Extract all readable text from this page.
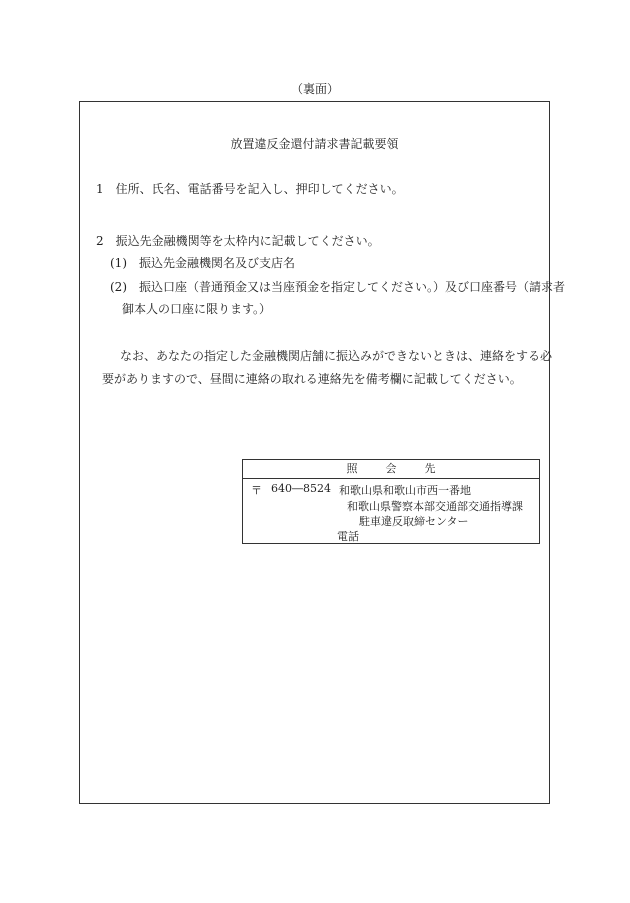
（裏面）
放置違反金還付請求書記載要領
1　住所、氏名、電話番号を記入し、押印してください。
2　振込先金融機関等を太枠内に記載してください。
(1)　振込先金融機関名及び支店名
(2)　振込口座（普通預金又は当座預金を指定してください。）及び口座番号（請求者
御本人の口座に限ります。）
なお、あなたの指定した金融機関店舗に振込みができないときは、連絡をする必
要がありますので、昼間に連絡の取れる連絡先を備考欄に記載してください。
照	会	先
〒 640―8524 和歌山県和歌山市西一番地
和歌山県警察本部交通部交通指導課
駐車違反取締センター
電話
